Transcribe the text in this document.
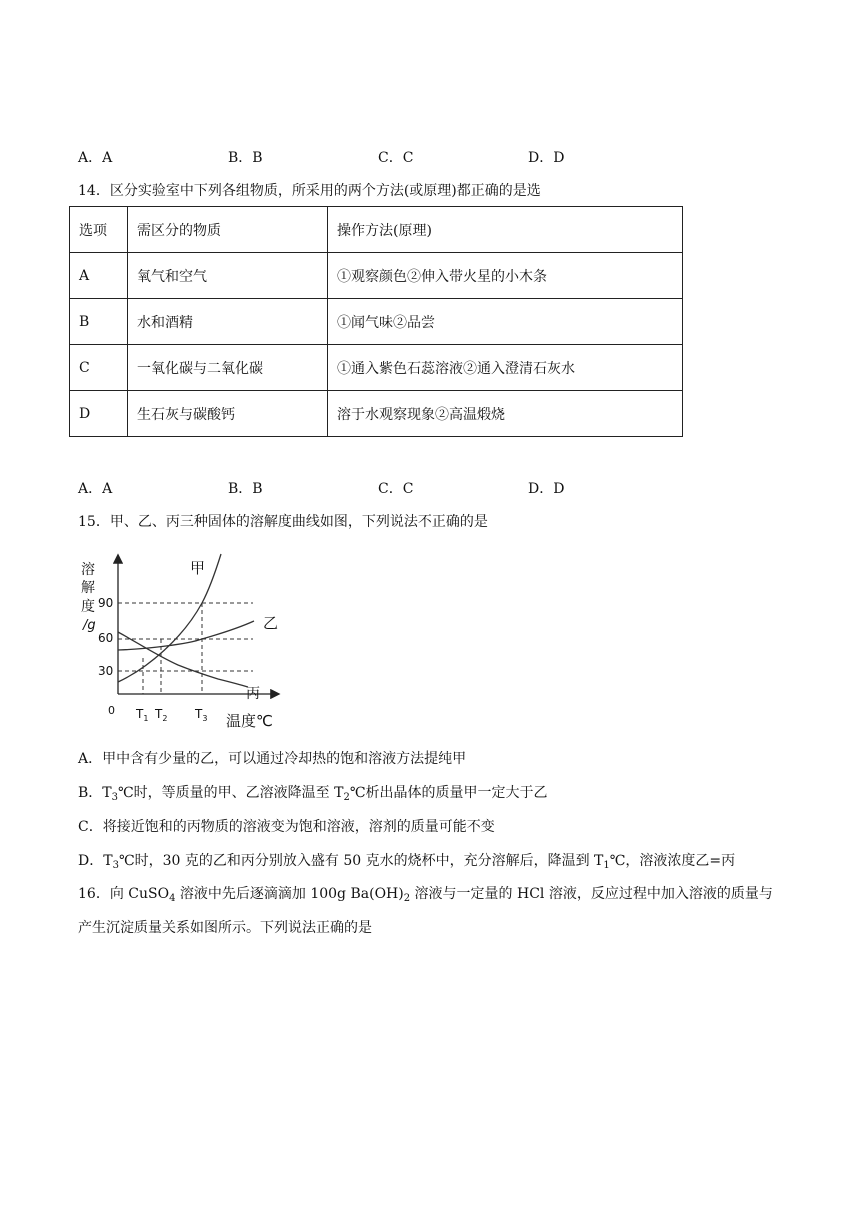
A．A	B．B	C．C	D．D
14．区分实验室中下列各组物质，所采用的两个方法(或原理)都正确的是选
选项	需区分的物质	操作方法(原理)
A	氧气和空气	①观察颜色②伸入带火星的小木条
B	水和酒精	①闻气味②品尝
C	一氧化碳与二氧化碳	①通入紫色石蕊溶液②通入澄清石灰水
D	生石灰与碳酸钙	溶于水观察现象②高温煅烧
A．A	B．B	C．C	D．D
15．甲、乙、丙三种固体的溶解度曲线如图，下列说法不正确的是
溶
解
度
/g
90
60
30
0 $T_1$ $T_2$ $T_3$ 温度℃
甲
乙
丙
A．甲中含有少量的乙，可以通过冷却热的饱和溶液方法提纯甲
B．$T_3℃$时，等质量的甲、乙溶液降温至 $T_2℃$析出晶体的质量甲一定大于乙
C．将接近饱和的丙物质的溶液变为饱和溶液，溶剂的质量可能不变
D．$T_3℃$时，30 克的乙和丙分别放入盛有 50 克水的烧杯中，充分溶解后，降温到 $T_1℃$，溶液浓度乙=丙
16．向 CuSO$_4$ 溶液中先后逐滴滴加 100g $Ba(OH)_2$ 溶液与一定量的 HCl 溶液，反应过程中加入溶液的质量与
产生沉淀质量关系如图所示。下列说法正确的是
